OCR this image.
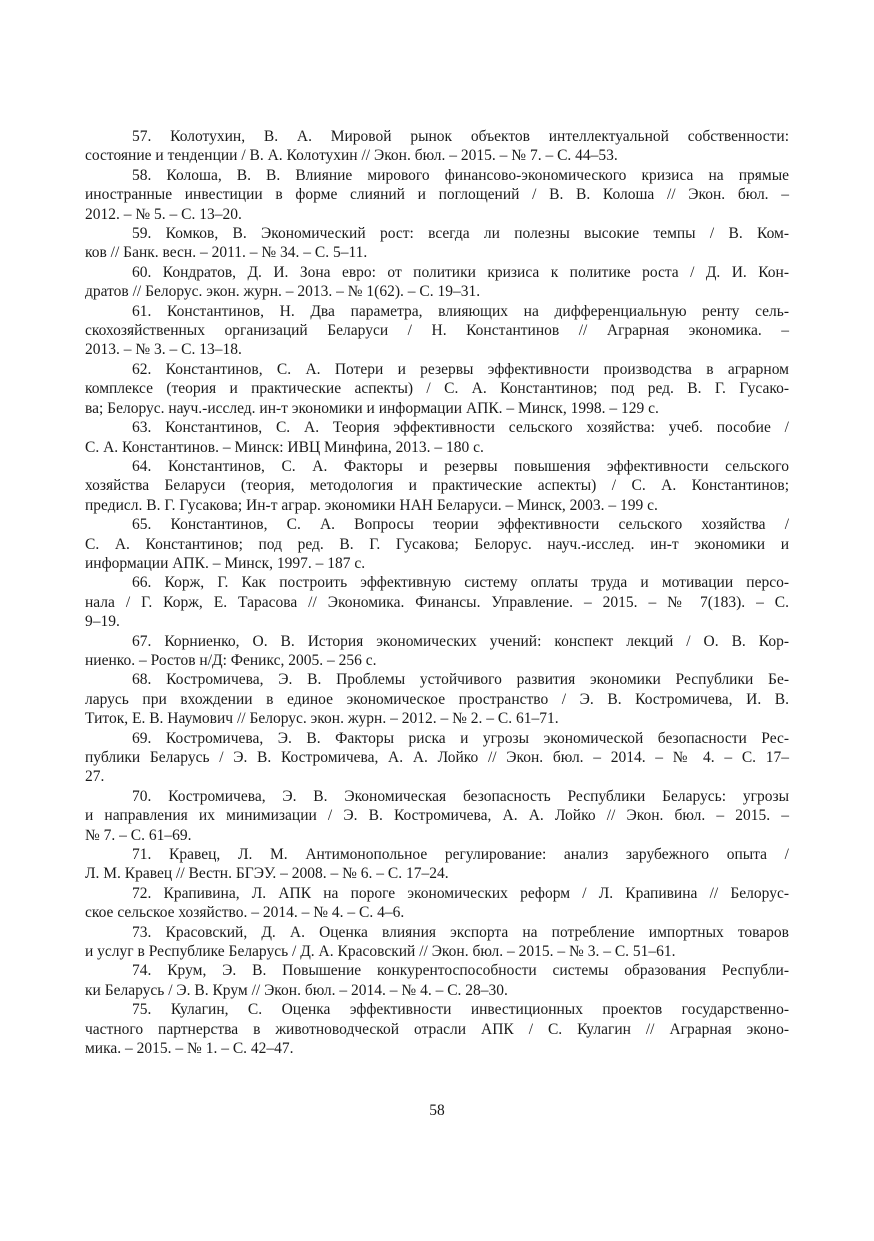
57. Колотухин, В. А. Мировой рынок объектов интеллектуальной собственности:
состояние и тенденции / В. А. Колотухин // Экон. бюл. – 2015. – № 7. – С. 44–53.

58. Колоша, В. В. Влияние мирового финансово-экономического кризиса на прямые
иностранные инвестиции в форме слияний и поглощений / В. В. Колоша // Экон. бюл. –
2012. – № 5. – С. 13–20.

59. Комков, В. Экономический рост: всегда ли полезны высокие темпы / В. Ком-
ков // Банк. весн. – 2011. – № 34. – С. 5–11.

60. Кондратов, Д. И. Зона евро: от политики кризиса к политике роста / Д. И. Кон-
дратов // Белорус. экон. журн. – 2013. – № 1(62). – С. 19–31.

61. Константинов, Н. Два параметра, влияющих на дифференциальную ренту сель-
скохозяйственных организаций Беларуси / Н. Константинов // Аграрная экономика. –
2013. – № 3. – С. 13–18.

62. Константинов, С. А. Потери и резервы эффективности производства в аграрном
комплексе (теория и практические аспекты) / С. А. Константинов; под ред. В. Г. Гусако-
ва; Белорус. науч.-исслед. ин-т экономики и информации АПК. – Минск, 1998. – 129 с.

63. Константинов, С. А. Теория эффективности сельского хозяйства: учеб. пособие /
С. А. Константинов. – Минск: ИВЦ Минфина, 2013. – 180 с.

64. Константинов, С. А. Факторы и резервы повышения эффективности сельского
хозяйства Беларуси (теория, методология и практические аспекты) / С. А. Константинов;
предисл. В. Г. Гусакова; Ин-т аграр. экономики НАН Беларуси. – Минск, 2003. – 199 с.

65. Константинов, С. А. Вопросы теории эффективности сельского хозяйства /
С. А. Константинов; под ред. В. Г. Гусакова; Белорус. науч.-исслед. ин-т экономики и
информации АПК. – Минск, 1997. – 187 с.

66. Корж, Г. Как построить эффективную систему оплаты труда и мотивации персо-
нала / Г. Корж, Е. Тарасова // Экономика. Финансы. Управление. – 2015. – № 7(183). – С.
9–19.

67. Корниенко, О. В. История экономических учений: конспект лекций / О. В. Кор-
ниенко. – Ростов н/Д: Феникс, 2005. – 256 с.

68. Костромичева, Э. В. Проблемы устойчивого развития экономики Республики Бе-
ларусь при вхождении в единое экономическое пространство / Э. В. Костромичева, И. В.
Титок, Е. В. Наумович // Белорус. экон. журн. – 2012. – № 2. – С. 61–71.

69. Костромичева, Э. В. Факторы риска и угрозы экономической безопасности Рес-
публики Беларусь / Э. В. Костромичева, А. А. Лойко // Экон. бюл. – 2014. – № 4. – С. 17–
27.

70. Костромичева, Э. В. Экономическая безопасность Республики Беларусь: угрозы
и направления их минимизации / Э. В. Костромичева, А. А. Лойко // Экон. бюл. – 2015. –
№ 7. – С. 61–69.

71. Кравец, Л. М. Антимонопольное регулирование: анализ зарубежного опыта /
Л. М. Кравец // Вестн. БГЭУ. – 2008. – № 6. – С. 17–24.

72. Крапивина, Л. АПК на пороге экономических реформ / Л. Крапивина // Белорус-
ское сельское хозяйство. – 2014. – № 4. – С. 4–6.

73. Красовский, Д. А. Оценка влияния экспорта на потребление импортных товаров
и услуг в Республике Беларусь / Д. А. Красовский // Экон. бюл. – 2015. – № 3. – С. 51–61.

74. Крум, Э. В. Повышение конкурентоспособности системы образования Республи-
ки Беларусь / Э. В. Крум // Экон. бюл. – 2014. – № 4. – С. 28–30.

75. Кулагин, С. Оценка эффективности инвестиционных проектов государственно-
частного партнерства в животноводческой отрасли АПК / С. Кулагин // Аграрная эконо-
мика. – 2015. – № 1. – С. 42–47.

58
